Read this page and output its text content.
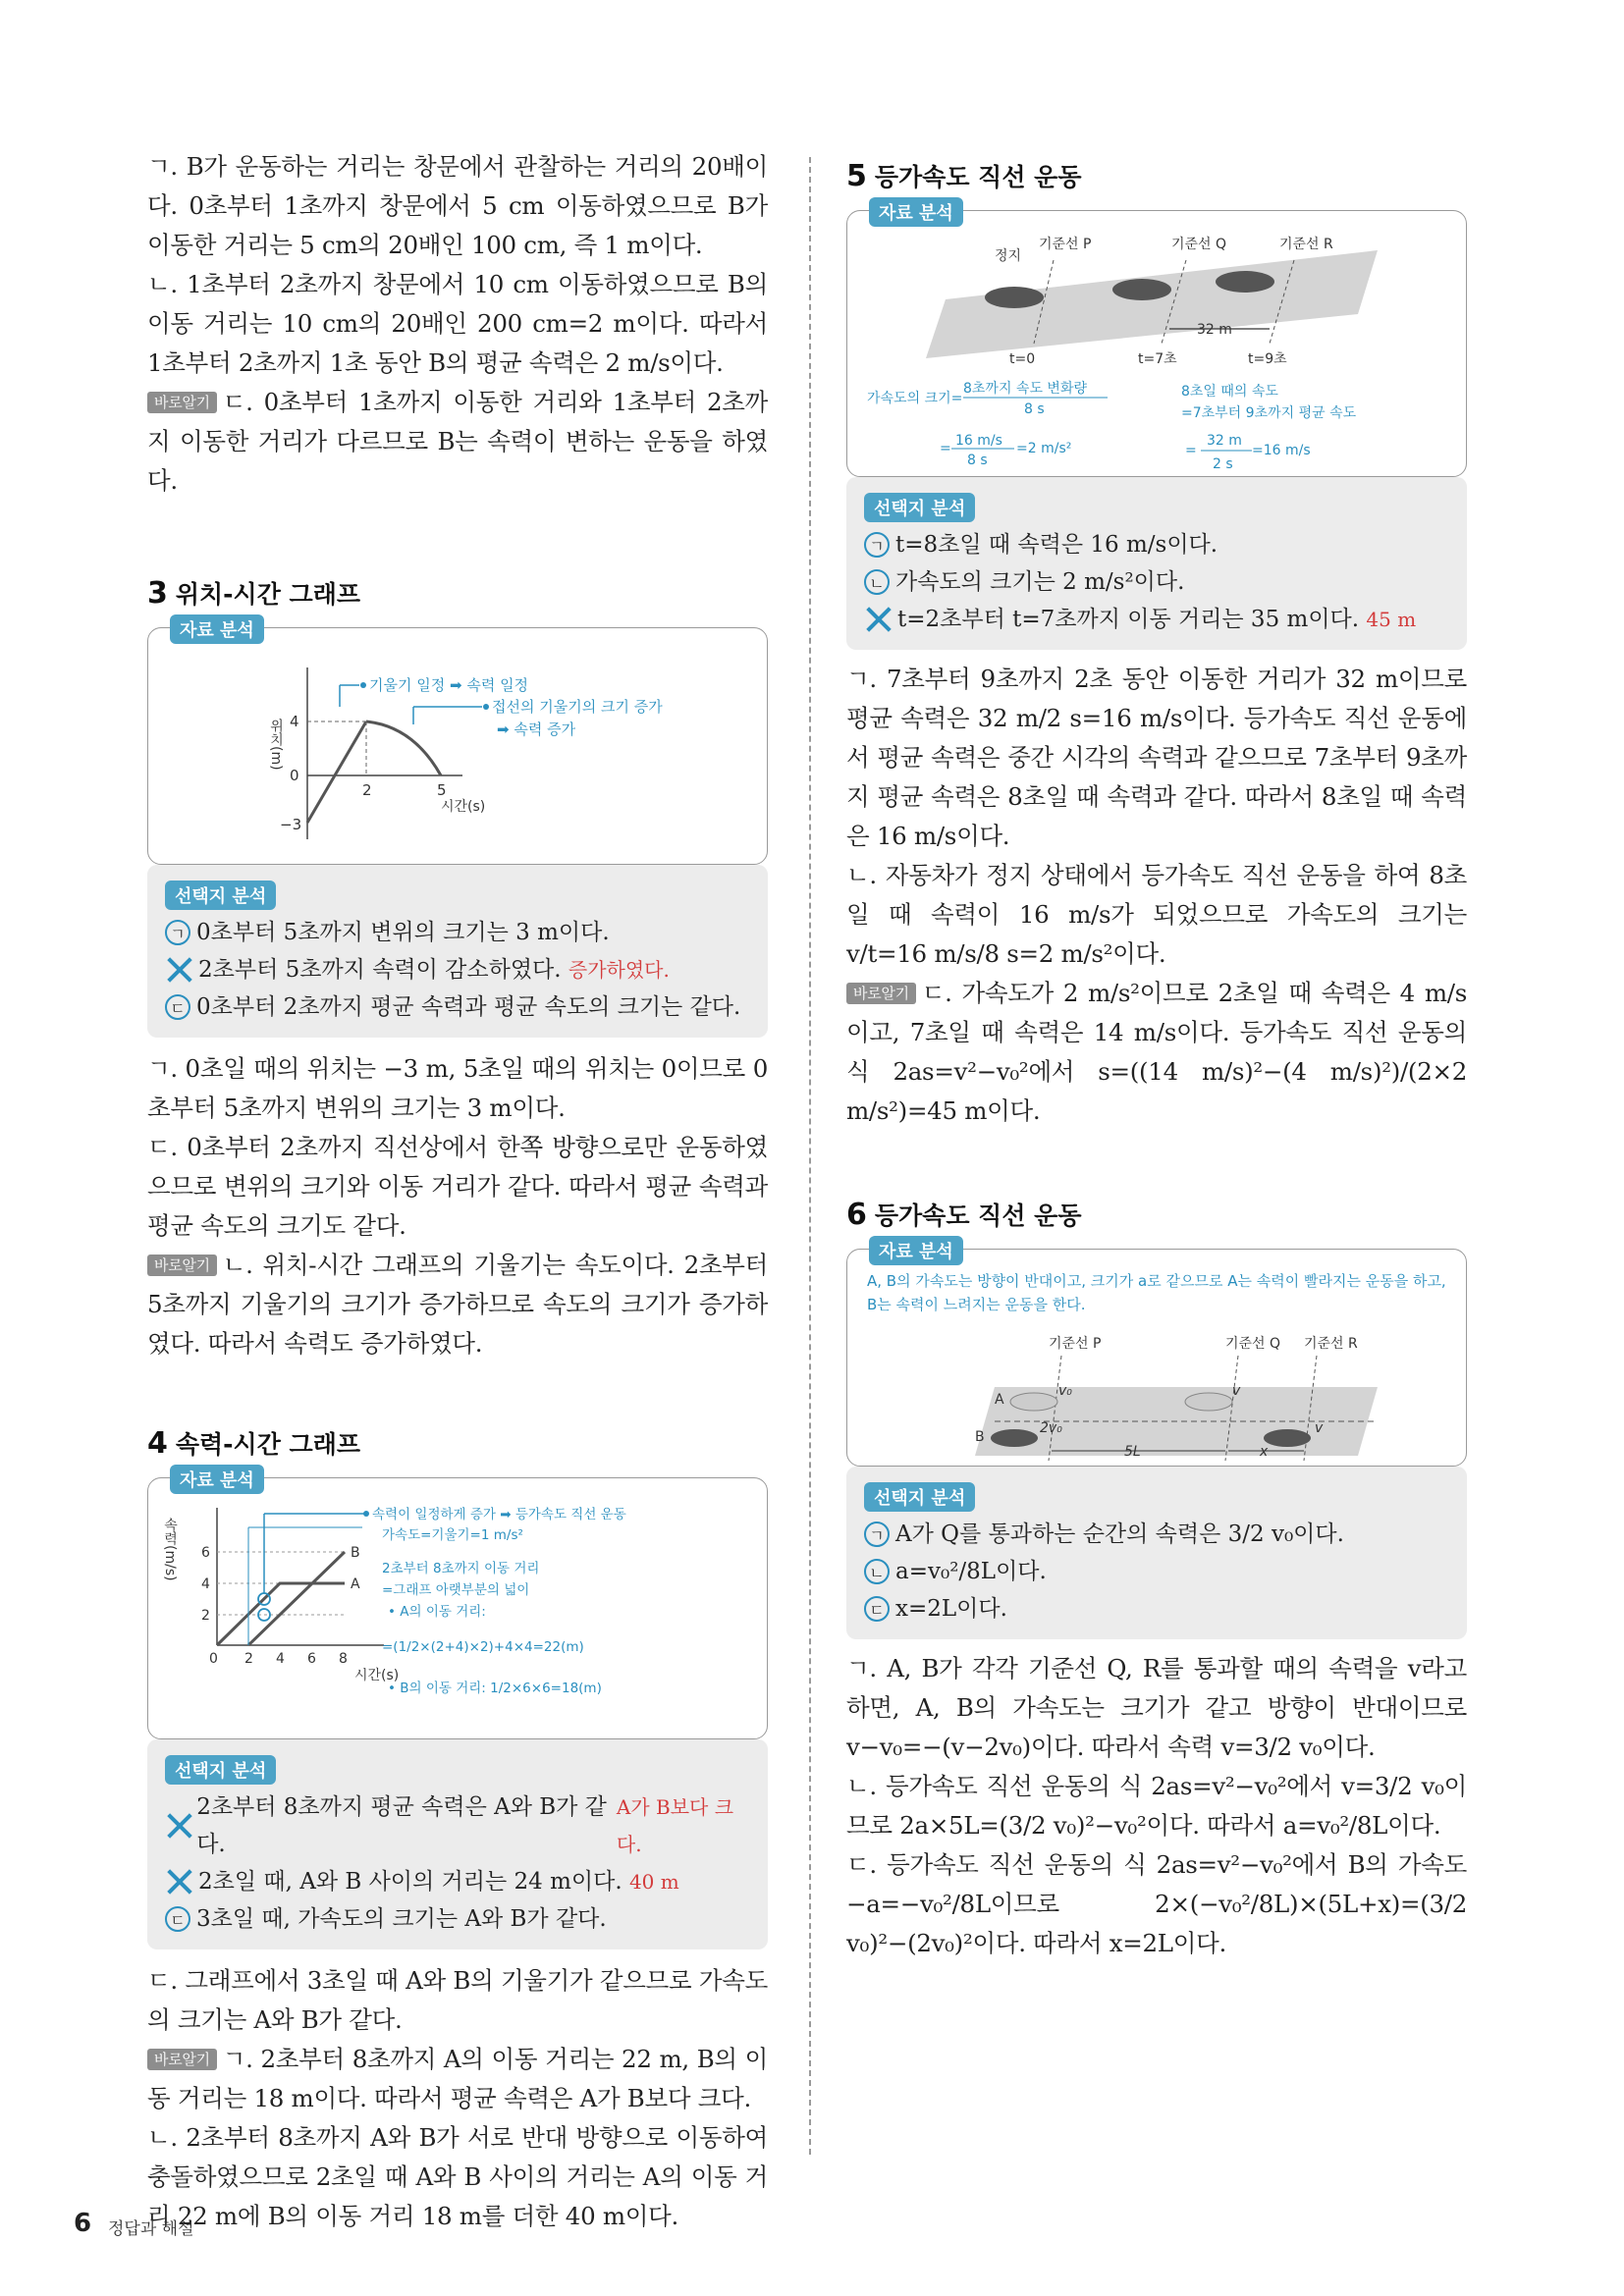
ㄱ. B가 운동하는 거리는 창문에서 관찰하는 거리의 20배이다. 0초부터 1초까지 창문에서 5 cm 이동하였으므로 B가 이동한 거리는 5 cm의 20배인 100 cm, 즉 1 m이다.

ㄴ. 1초부터 2초까지 창문에서 10 cm 이동하였으므로 B의 이동 거리는 10 cm의 20배인 200 cm=2 m이다. 따라서 1초부터 2초까지 1초 동안 B의 평균 속력은 2 m/s이다.

바로알기 ㄷ. 0초부터 1초까지 이동한 거리와 1초부터 2초까지 이동한 거리가 다르므로 B는 속력이 변하는 운동을 하였다.

3 위치-시간 그래프
자료 분석
위치(m) 4
0
−3
2	5
시간(s)
기울기 일정 ➡ 속력 일정
접선의 기울기의 크기 증가
➡ 속력 증가
선택지 분석
ㄱ 0초부터 5초까지 변위의 크기는 3 m이다.
2초부터 5초까지 속력이 감소하였다.
증가하였다.
ㄷ 0초부터 2초까지 평균 속력과 평균 속도의 크기는 같다.

ㄱ. 0초일 때의 위치는 −3 m, 5초일 때의 위치는 0이므로 0초부터 5초까지 변위의 크기는 3 m이다.

ㄷ. 0초부터 2초까지 직선상에서 한쪽 방향으로만 운동하였으므로 변위의 크기와 이동 거리가 같다. 따라서 평균 속력과 평균 속도의 크기도 같다.

바로알기 ㄴ. 위치-시간 그래프의 기울기는 속도이다. 2초부터 5초까지 기울기의 크기가 증가하므로 속도의 크기가 증가하였다. 따라서 속력도 증가하였다.

4 속력-시간 그래프
자료 분석
속력(m/s) 6
4
2
0 2 4 6 8
시간(s)
B
A
속력이 일정하게 증가 ➡ 등가속도 직선 운동
가속도=기울기=1 m/s²
2초부터 8초까지 이동 거리
=그래프 아랫부분의 넓이
• A의 이동 거리:
=(1/2×(2+4)×2)+4×4=22(m)
• B의 이동 거리: 1/2×6×6=18(m)
선택지 분석
2초부터 8초까지 평균 속력은 A와 B가 같다.

A가 B보다 크다.
2초일 때, A와 B 사이의 거리는 24 m이다.
40 m
ㄷ 3초일 때, 가속도의 크기는 A와 B가 같다.

ㄷ. 그래프에서 3초일 때 A와 B의 기울기가 같으므로 가속도의 크기는 A와 B가 같다.

바로알기 ㄱ. 2초부터 8초까지 A의 이동 거리는 22 m, B의 이동 거리는 18 m이다. 따라서 평균 속력은 A가 B보다 크다.

ㄴ. 2초부터 8초까지 A와 B가 서로 반대 방향으로 이동하여 충돌하였으므로 2초일 때 A와 B 사이의 거리는 A의 이동 거리 22 m에 B의 이동 거리 18 m를 더한 40 m이다.

5 등가속도 직선 운동
자료 분석
정지
기준선 P	기준선 Q	기준선 R
32 m
t=0	t=7초	t=9초
가속도의 크기=
8초까지 속도 변화량
8 s
16 m/s
=
8 s
=2 m/s²
8초일 때의 속도
=7초부터 9초까지 평균 속도
32 m
=
2 s
=16 m/s
선택지 분석
ㄱ t=8초일 때 속력은 16 m/s이다.
ㄴ 가속도의 크기는 2 m/s²이다.
t=2초부터 t=7초까지 이동 거리는 35 m이다.
45 m

ㄱ. 7초부터 9초까지 2초 동안 이동한 거리가 32 m이므로 평균 속력은 32 m/2 s=16 m/s이다. 등가속도 직선 운동에서 평균 속력은 중간 시각의 속력과 같으므로 7초부터 9초까지 평균 속력은 8초일 때 속력과 같다. 따라서 8초일 때 속력은 16 m/s이다.

ㄴ. 자동차가 정지 상태에서 등가속도 직선 운동을 하여 8초일 때 속력이 16 m/s가 되었으므로 가속도의 크기는 v/t=16 m/s/8 s=2 m/s²이다.

바로알기 ㄷ. 가속도가 2 m/s²이므로 2초일 때 속력은 4 m/s이고, 7초일 때 속력은 14 m/s이다. 등가속도 직선 운동의 식 2as=v²−v₀²에서 s=((14 m/s)²−(4 m/s)²)/(2×2 m/s²)=45 m이다.

6 등가속도 직선 운동
자료 분석
A, B의 가속도는 방향이 반대이고, 크기가 a로 같으므로 A는 속력이 빨라지는 운동을 하고, B는 속력이 느려지는 운동을 한다.
기준선 P	기준선 Q 기준선 R
A
B
v₀
2v₀
v
v
5L	x
선택지 분석
ㄱ A가 Q를 통과하는 순간의 속력은 3/2 v₀이다.
ㄴ a=v₀²/8L이다.
ㄷ x=2L이다.

ㄱ. A, B가 각각 기준선 Q, R를 통과할 때의 속력을 v라고 하면, A, B의 가속도는 크기가 같고 방향이 반대이므로 v−v₀=−(v−2v₀)이다. 따라서 속력 v=3/2 v₀이다.

ㄴ. 등가속도 직선 운동의 식 2as=v²−v₀²에서 v=3/2 v₀이므로 2a×5L=(3/2 v₀)²−v₀²이다. 따라서 a=v₀²/8L이다.

ㄷ. 등가속도 직선 운동의 식 2as=v²−v₀²에서 B의 가속도 −a=−v₀²/8L이므로 2×(−v₀²/8L)×(5L+x)=(3/2 v₀)²−(2v₀)²이다. 따라서 x=2L이다.

6 정답과 해설
